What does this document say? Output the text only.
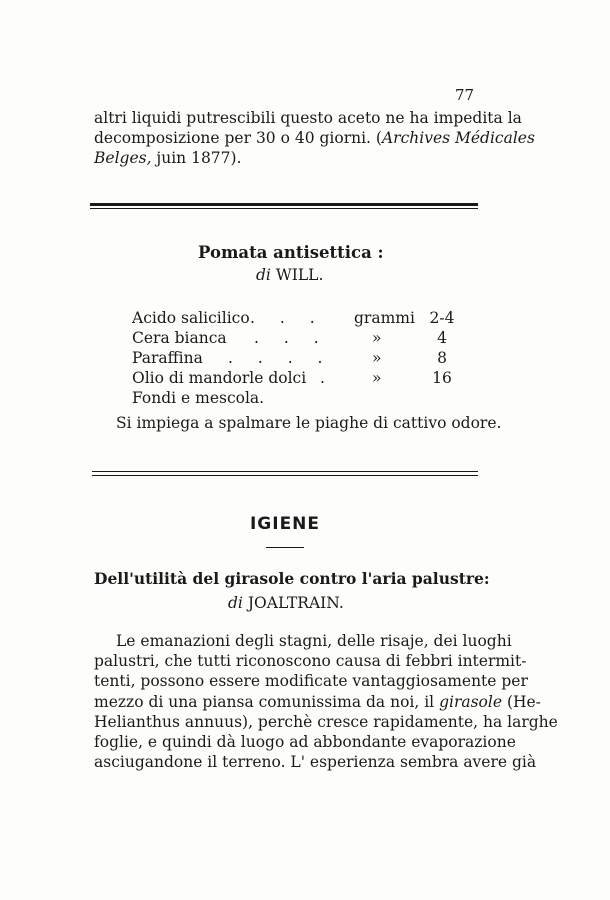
77
altri liquidi putrescibili questo aceto ne ha impedita la
decomposizione per 30 o 40 giorni. ( Archives Médicales
Belges, juin 1877).
Pomata antisettica :
di WILL.
Acido salicilico . . . grammi 2-4
Cera bianca . . .	»	4
Paraffina . . . .	»	8
Olio di mandorle dolci . »	16
Fondi e mescola.
Si impiega a spalmare le piaghe di cattivo odore.
IGIENE
Dell'utilità del girasole contro l'aria palustre:
di JOALTRAIN.
Le emanazioni degli stagni, delle risaje, dei luoghi
palustri, che tutti riconoscono causa di febbri intermit-
tenti, possono essere modificate vantaggiosamente per
mezzo di una piansa comunissima da noi, il girasole (He-
Helianthus annuus), perchè cresce rapidamente, ha larghe
foglie, e quindi dà luogo ad abbondante evaporazione
asciugandone il terreno. L' esperienza sembra avere già
